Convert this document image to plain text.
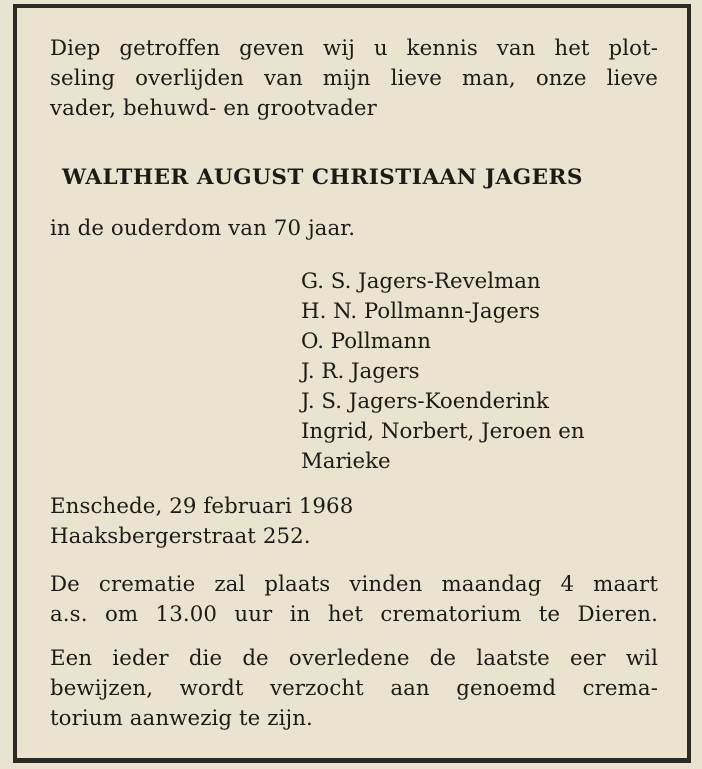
Diep getroffen geven wij u kennis van het plot-
seling overlijden van mijn lieve man, onze lieve
vader, behuwd- en grootvader
WALTHER AUGUST CHRISTIAAN JAGERS
in de ouderdom van 70 jaar.
G. S. Jagers-Revelman
H. N. Pollmann-Jagers
O. Pollmann
J. R. Jagers
J. S. Jagers-Koenderink
Ingrid, Norbert, Jeroen en
Marieke
Enschede, 29 februari 1968
Haaksbergerstraat 252.
De crematie zal plaats vinden maandag 4 maart
a.s. om 13.00 uur in het crematorium te Dieren.
Een ieder die de overledene de laatste eer wil
bewijzen, wordt verzocht aan genoemd crema-
torium aanwezig te zijn.
